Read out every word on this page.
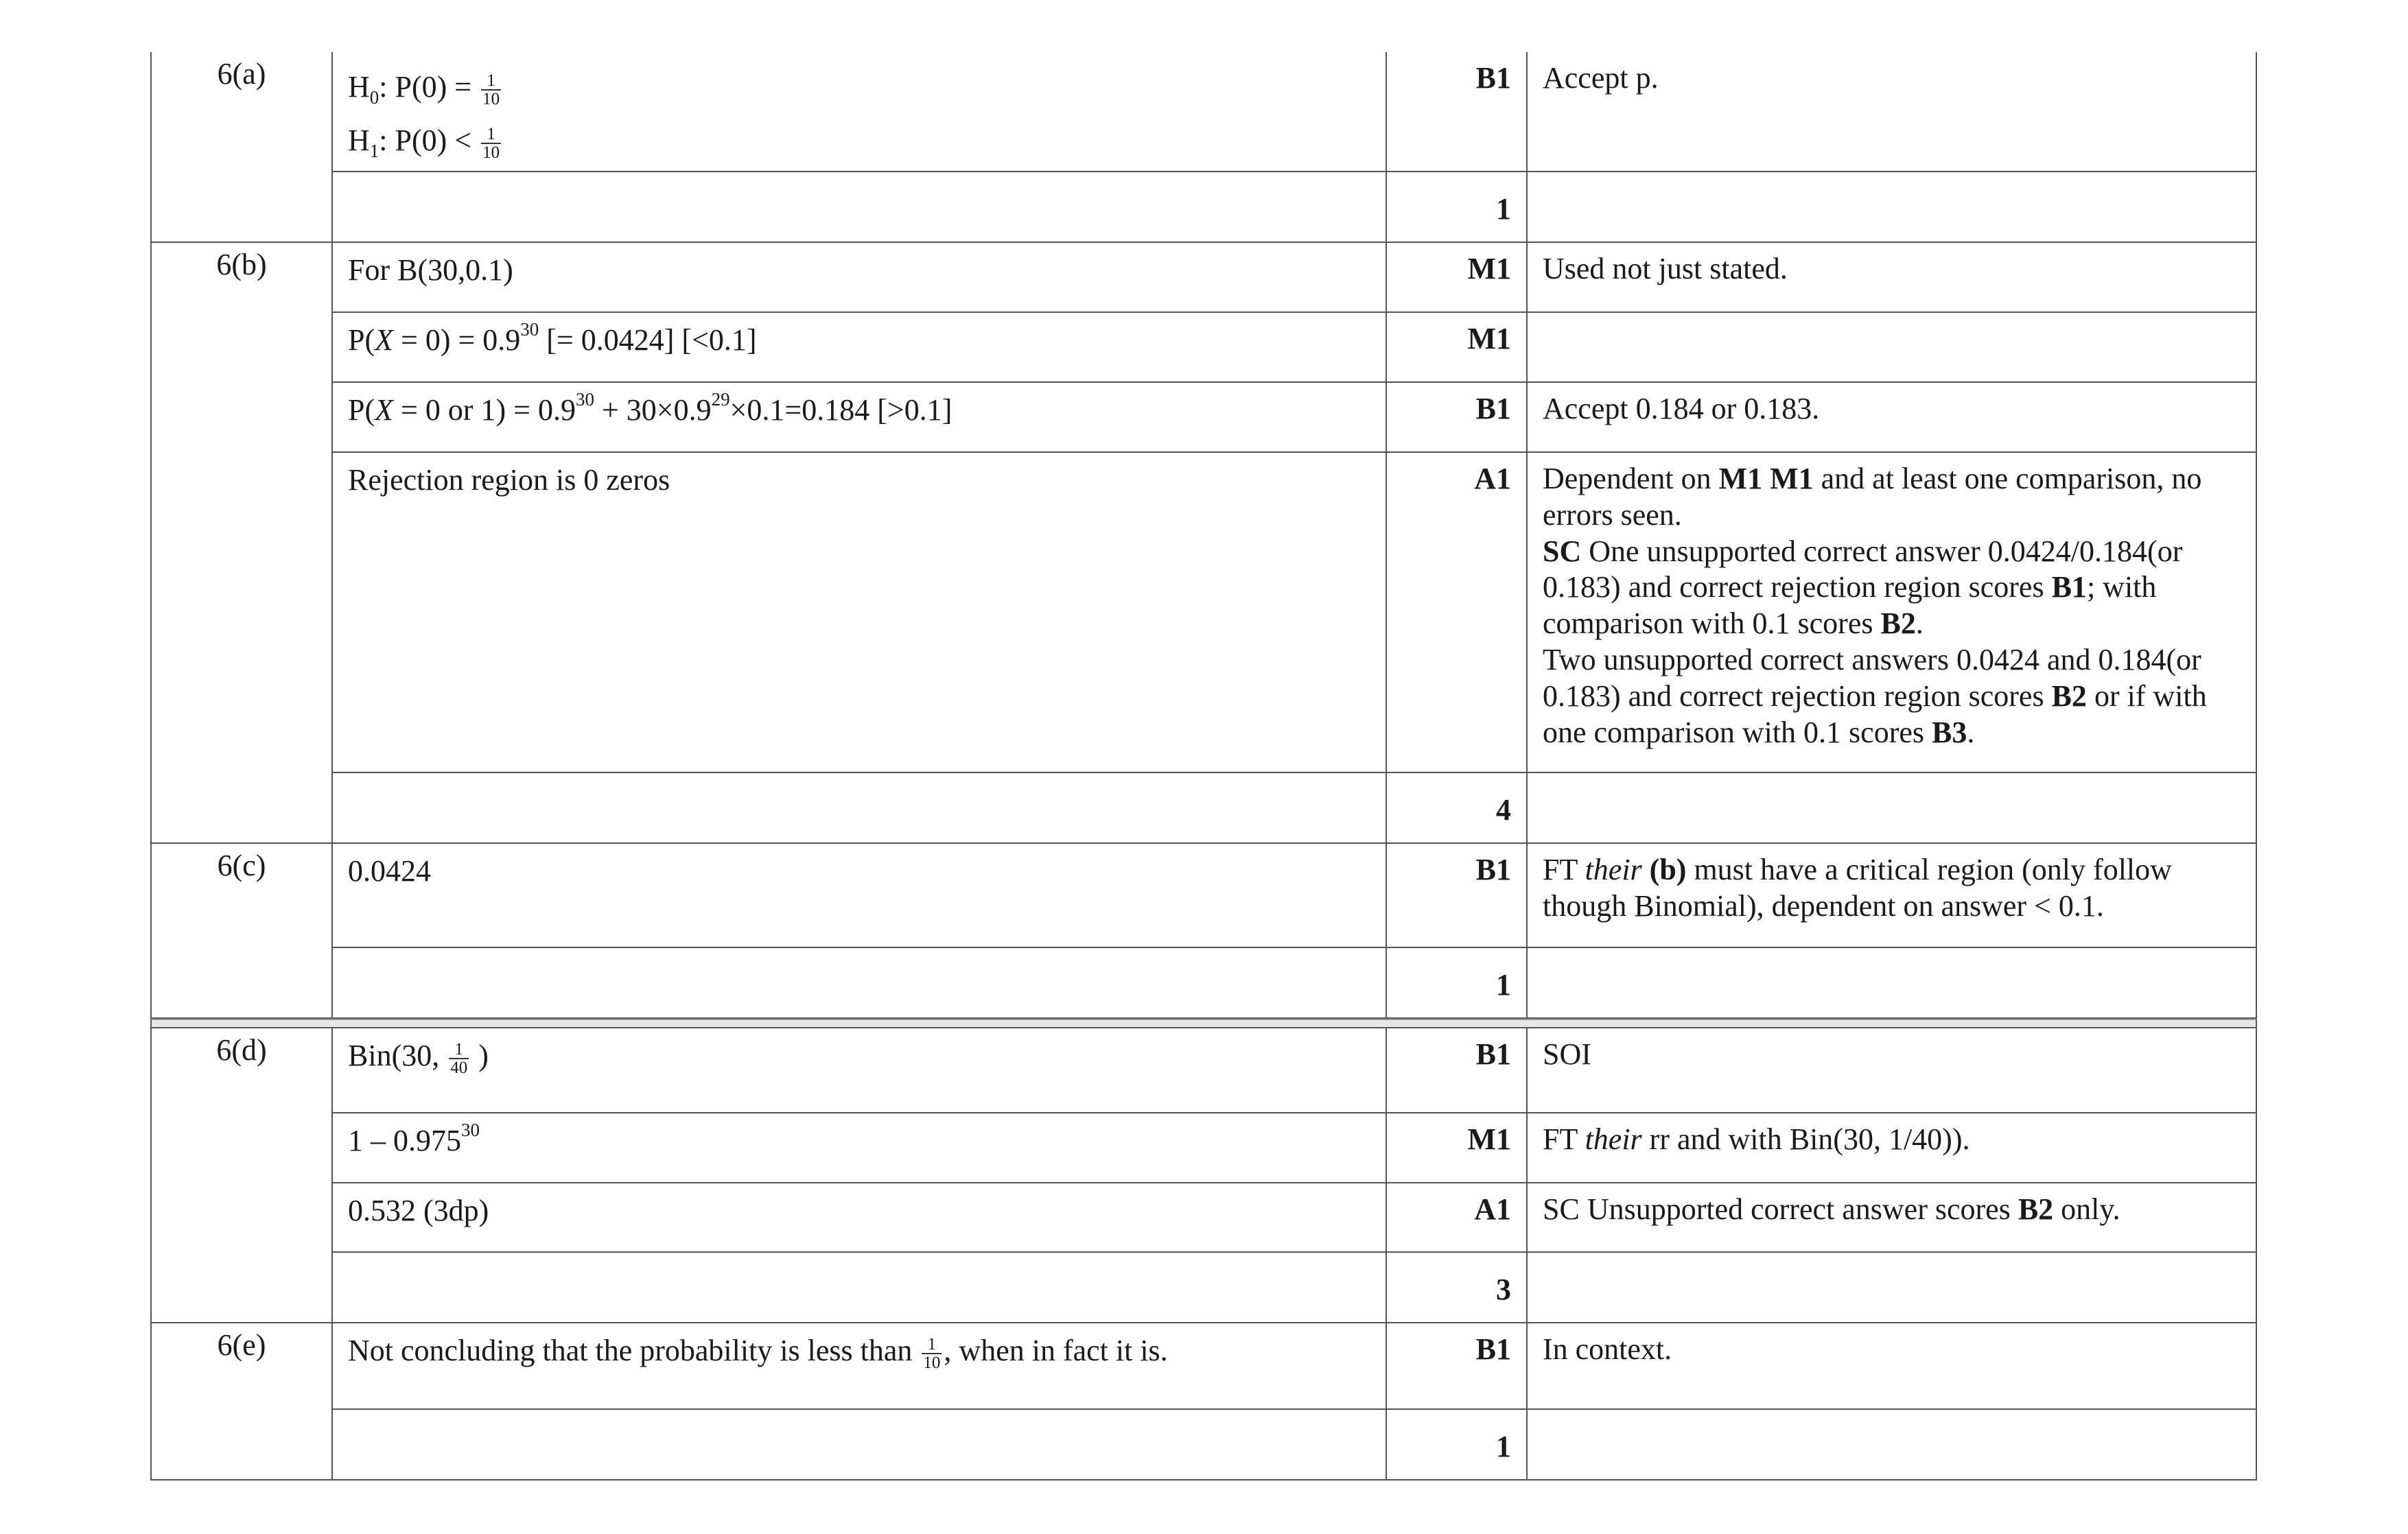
6(a)	$H_0$: $P(0) = \frac{1}{10}$
$H_1$: $P(0) < \frac{1}{10}$
B1	Accept p.
1
6(b)	For B(30,0.1)	M1	Used not just stated.
$P(X = 0) = 0.9^{30}$ [= 0.0424] [<0.1]	M1
P(X = 0 or $1) = 0.9^{30} + 30\times 0.9^{29}\times 0.1=0.184$ [>0.1]	B1	Accept 0.184 or 0.183.
Rejection region is 0 zeros	A1	Dependent on M1 M1 and at least one comparison, no errors seen.
SC One unsupported correct answer 0.0424/0.184(or 0.183) and correct rejection region scores B1; with comparison with 0.1 scores B2.
Two unsupported correct answers 0.0424 and 0.184(or 0.183) and correct rejection region scores B2 or if with one comparison with 0.1 scores B3.
4
6(c)	0.0424	B1	FT their (b) must have a critical region (only follow though Binomial), dependent on answer < 0.1.
1
6(d)	Bin(30, $\frac{1}{40}$ )	B1	SOI
1 – 0.975$^{30}$	M1	FT their rr and with Bin(30, 1/40)).
0.532 (3dp)	A1	SC Unsupported correct answer scores B2 only.
3
6(e)	Not concluding that the probability is less than $\frac{1}{10}$ , when in fact it is.	B1	In context.
1
